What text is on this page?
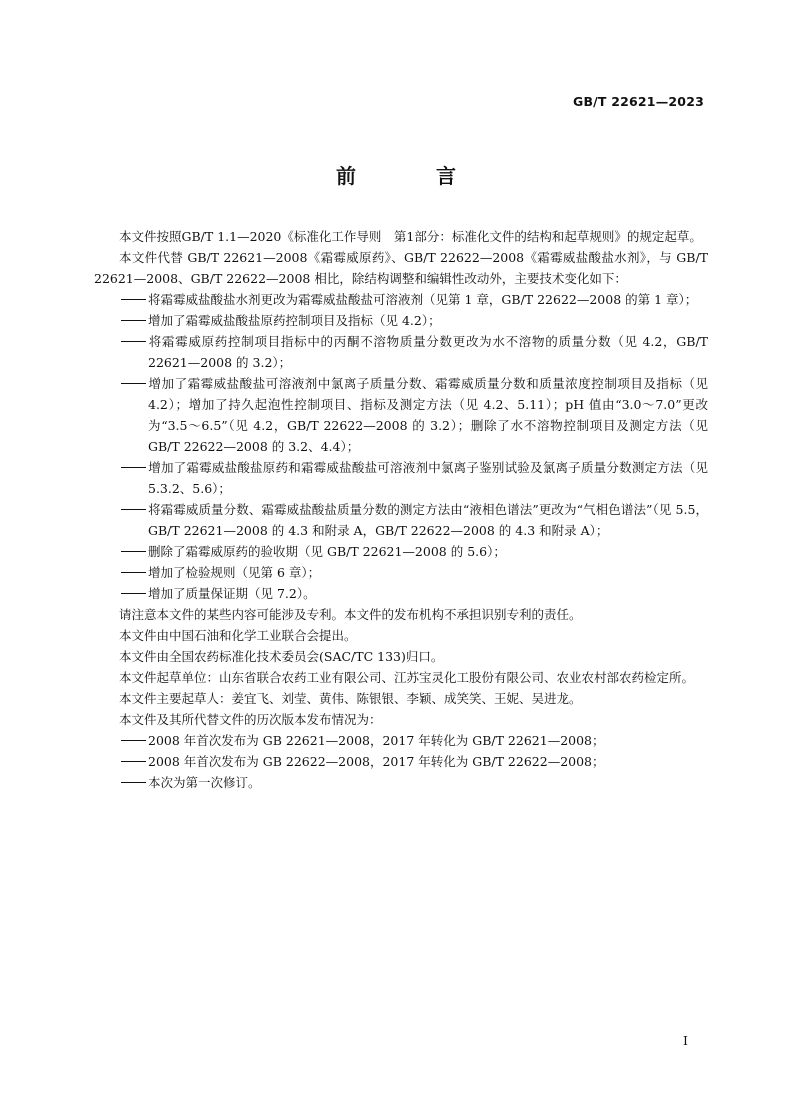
GB/T 22621—2023
前　言

本文件按照GB/T 1.1—2020《标准化工作导则　第1部分：标准化文件的结构和起草规则》的规定起草。

本文件代替 GB/T 22621—2008《霜霉威原药》、GB/T 22622—2008《霜霉威盐酸盐水剂》，与 GB/T 22621—2008、GB/T 22622—2008 相比，除结构调整和编辑性改动外，主要技术变化如下：

将霜霉威盐酸盐水剂更改为霜霉威盐酸盐可溶液剂（见第 1 章，GB/T 22622—2008 的第 1 章）；

增加了霜霉威盐酸盐原药控制项目及指标（见 4.2）；

将霜霉威原药控制项目指标中的丙酮不溶物质量分数更改为水不溶物的质量分数（见 4.2，GB/T 22621—2008 的 3.2）；

增加了霜霉威盐酸盐可溶液剂中氯离子质量分数、霜霉威质量分数和质量浓度控制项目及指标（见 4.2）；增加了持久起泡性控制项目、指标及测定方法（见 4.2、5.11）；pH 值由“3.0～7.0”更改为“3.5～6.5”（见 4.2，GB/T 22622—2008 的 3.2）；删除了水不溶物控制项目及测定方法（见 GB/T 22622—2008 的 3.2、4.4）；

增加了霜霉威盐酸盐原药和霜霉威盐酸盐可溶液剂中氯离子鉴别试验及氯离子质量分数测定方法（见 5.3.2、5.6）；

将霜霉威质量分数、霜霉威盐酸盐质量分数的测定方法由“液相色谱法”更改为“气相色谱法”（见 5.5，GB/T 22621—2008 的 4.3 和附录 A，GB/T 22622—2008 的 4.3 和附录 A）；

删除了霜霉威原药的验收期（见 GB/T 22621—2008 的 5.6）；

增加了检验规则（见第 6 章）；

增加了质量保证期（见 7.2）。

请注意本文件的某些内容可能涉及专利。本文件的发布机构不承担识别专利的责任。

本文件由中国石油和化学工业联合会提出。

本文件由全国农药标准化技术委员会(SAC/TC 133)归口。

本文件起草单位：山东省联合农药工业有限公司、江苏宝灵化工股份有限公司、农业农村部农药检定所。

本文件主要起草人：姜宜飞、刘莹、黄伟、陈银银、李颖、成笑笑、王妮、吴进龙。

本文件及其所代替文件的历次版本发布情况为：

2008 年首次发布为 GB 22621—2008，2017 年转化为 GB/T 22621—2008；

2008 年首次发布为 GB 22622—2008，2017 年转化为 GB/T 22622—2008；

本次为第一次修订。

I
